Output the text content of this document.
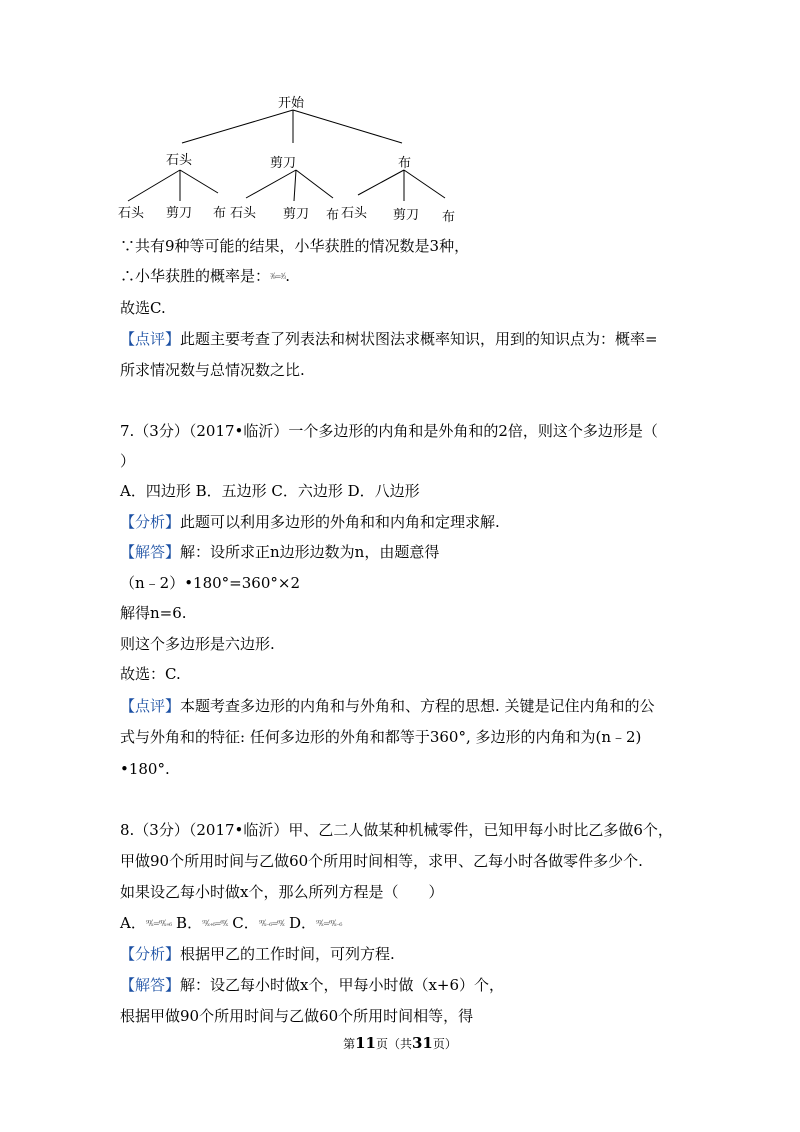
开始
石头	剪刀	布
石头 剪刀 布 石头 剪刀 布 石头 剪刀 布
∵共有9种等可能的结果，小华获胜的情况数是3种，
∴小华获胜的概率是：³⁄₉=¹⁄₃.
故选C.
【点评】此题主要考查了列表法和树状图法求概率知识，用到的知识点为：概率=
所求情况数与总情况数之比.
7.（3分）（2017•临沂）一个多边形的内角和是外角和的2倍，则这个多边形是（
）
A．四边形 B．五边形 C．六边形 D．八边形
【分析】此题可以利用多边形的外角和和内角和定理求解.
【解答】解：设所求正n边形边数为n，由题意得
（n﹣2）•180°=360°×2
解得n=6.
则这个多边形是六边形.
故选：C.
【点评】本题考查多边形的内角和与外角和、方程的思想. 关键是记住内角和的公
式与外角和的特征: 任何多边形的外角和都等于360°, 多边形的内角和为(n﹣2)
•180°.
8.（3分）（2017•临沂）甲、乙二人做某种机械零件，已知甲每小时比乙多做6个，
甲做90个所用时间与乙做60个所用时间相等，求甲、乙每小时各做零件多少个.
如果设乙每小时做x个，那么所列方程是（　　）
A．⁹⁰⁄ₓ=⁶⁰⁄ₓ₊₆ B．⁹⁰⁄ₓ₊₆=⁶⁰⁄ₓ C．⁹⁰⁄ₓ₋₆=⁶⁰⁄ₓ D．⁹⁰⁄ₓ=⁶⁰⁄ₓ₋₆
【分析】根据甲乙的工作时间，可列方程.
【解答】解：设乙每小时做x个，甲每小时做（x+6）个，
根据甲做90个所用时间与乙做60个所用时间相等，得
第11页（共31页）
